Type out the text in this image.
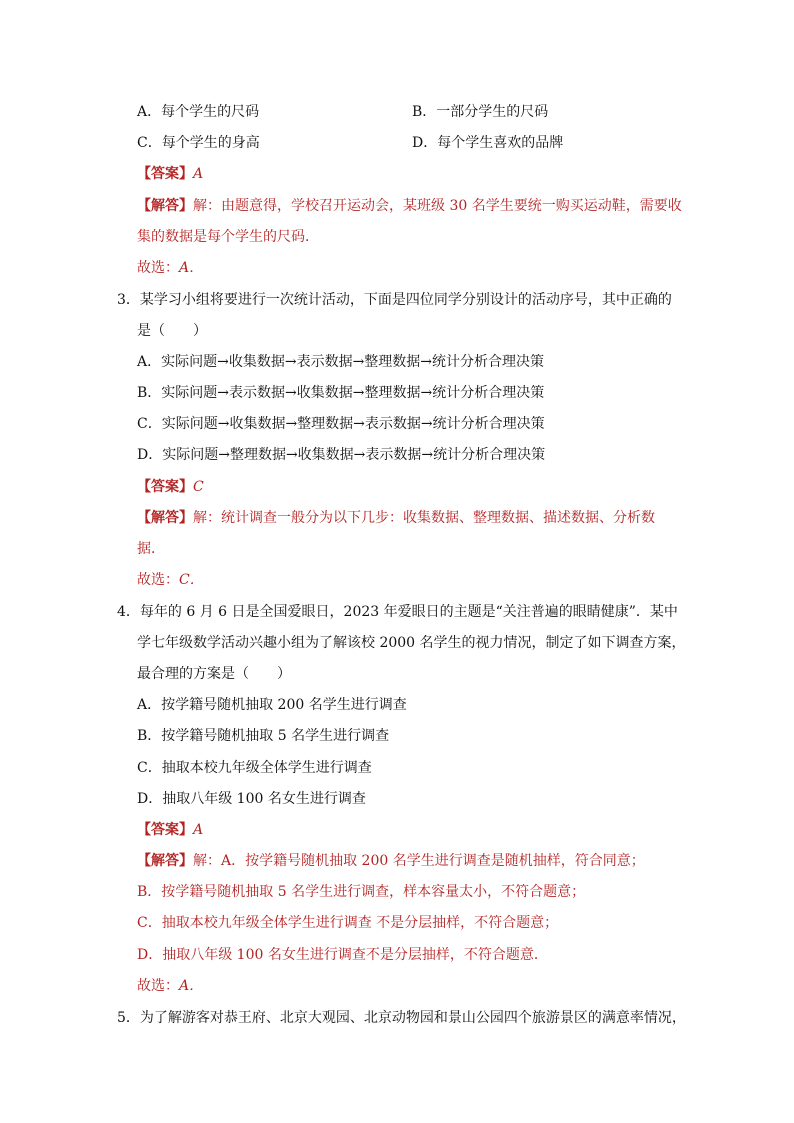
A．每个学生的尺码	B．一部分学生的尺码
C．每个学生的身高	D．每个学生喜欢的品牌
【答案】A
【解答】解：由题意得，学校召开运动会，某班级 30 名学生要统一购买运动鞋，需要收
集的数据是每个学生的尺码．
故选：A．
3．某学习小组将要进行一次统计活动，下面是四位同学分别设计的活动序号，其中正确的
是（　　）
A．实际问题→收集数据→表示数据→整理数据→统计分析合理决策
B．实际问题→表示数据→收集数据→整理数据→统计分析合理决策
C．实际问题→收集数据→整理数据→表示数据→统计分析合理决策
D．实际问题→整理数据→收集数据→表示数据→统计分析合理决策
【答案】C
【解答】解：统计调查一般分为以下几步：收集数据、整理数据、描述数据、分析数
据．
故选：C．
4．每年的 6 月 6 日是全国爱眼日，2023 年爱眼日的主题是“关注普遍的眼睛健康”．某中
学七年级数学活动兴趣小组为了解该校 2000 名学生的视力情况，制定了如下调查方案，
最合理的方案是（　　）
A．按学籍号随机抽取 200 名学生进行调查
B．按学籍号随机抽取 5 名学生进行调查
C．抽取本校九年级全体学生进行调查
D．抽取八年级 100 名女生进行调查
【答案】A
【解答】解：A．按学籍号随机抽取 200 名学生进行调查是随机抽样，符合同意；
B．按学籍号随机抽取 5 名学生进行调查，样本容量太小，不符合题意；
C．抽取本校九年级全体学生进行调查 不是分层抽样，不符合题意；
D．抽取八年级 100 名女生进行调查不是分层抽样，不符合题意．
故选：A．
5．为了解游客对恭王府、北京大观园、北京动物园和景山公园四个旅游景区的满意率情况，
